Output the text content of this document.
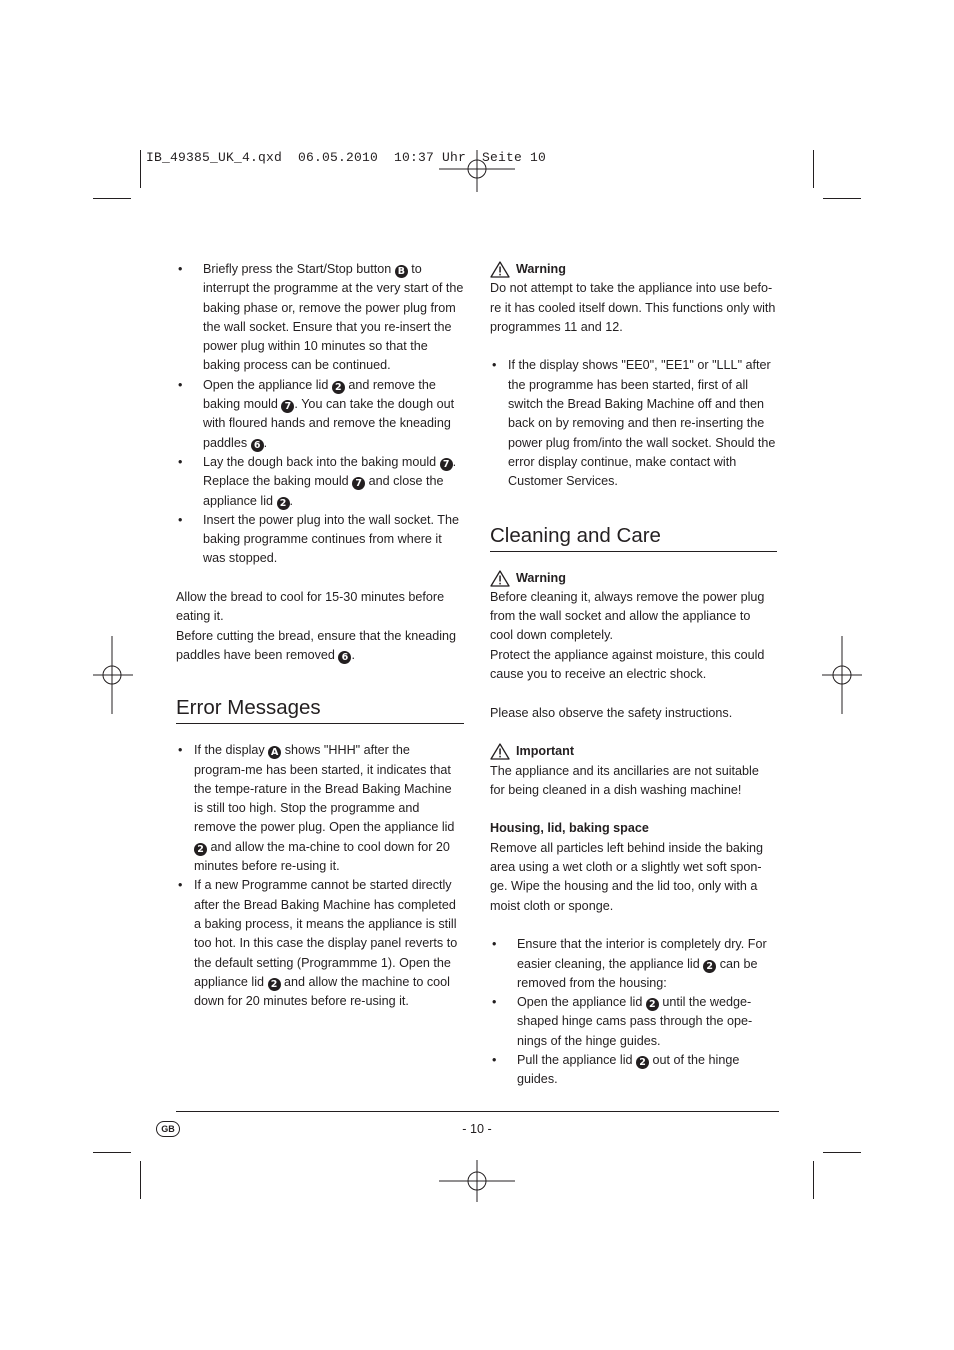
IB_49385_UK_4.qxd  06.05.2010  10:37 Uhr  Seite 10
• Briefly press the Start/Stop button B to interrupt the programme at the very start of the baking phase or, remove the power plug from the wall socket. Ensure that you re-insert the power plug within 10 minutes so that the baking process can be continued.
• Open the appliance lid 2 and remove the baking mould 7 . You can take the dough out with floured hands and remove the kneading paddles 6 .
• Lay the dough back into the baking mould 7 . Replace the baking mould 7 and close the appliance lid 2 .
• Insert the power plug into the wall socket. The baking programme continues from where it was stopped.

Allow the bread to cool for 15-30 minutes before eating it.

Before cutting the bread, ensure that the kneading paddles have been removed 6 .

Error Messages
• If the display A shows "HHH" after the program-me has been started, it indicates that the tempe-rature in the Bread Baking Machine is still too high. Stop the programme and remove the power plug. Open the appliance lid 2 and allow the ma-chine to cool down for 20 minutes before re-using it.
• If a new Programme cannot be started directly after the Bread Baking Machine has completed a baking process, it means the appliance is still too hot. In this case the display panel reverts to the default setting (Programmme 1). Open the appliance lid 2 and allow the machine to cool down for 20 minutes before re-using it.
Warning

Do not attempt to take the appliance into use befo-re it has cooled itself down. This functions only with programmes 11 and 12.

• If the display shows "EE0", "EE1" or "LLL" after the programme has been started, first of all switch the Bread Baking Machine off and then back on by removing and then re-inserting the power plug from/into the wall socket. Should the error display continue, make contact with Customer Services.
Cleaning and Care
Warning

Before cleaning it, always remove the power plug from the wall socket and allow the appliance to cool down completely.

Protect the appliance against moisture, this could cause you to receive an electric shock.

Please also observe the safety instructions.

Important

The appliance and its ancillaries are not suitable for being cleaned in a dish washing machine!

Housing, lid, baking space

Remove all particles left behind inside the baking area using a wet cloth or a slightly wet soft spon-ge. Wipe the housing and the lid too, only with a moist cloth or sponge.

• Ensure that the interior is completely dry. For easier cleaning, the appliance lid 2 can be removed from the housing:
• Open the appliance lid 2 until the wedge-shaped hinge cams pass through the ope-nings of the hinge guides.
• Pull the appliance lid 2 out of the hinge guides.
GB	- 10 -
